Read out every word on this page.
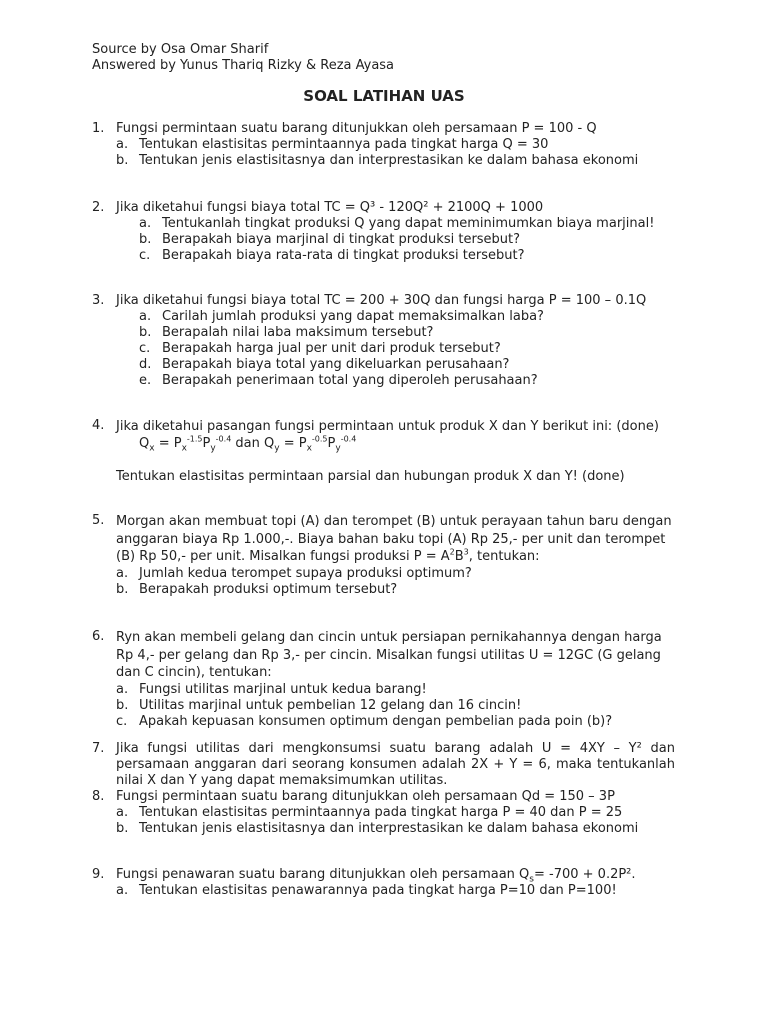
Source by Osa Omar Sharif
Answered by Yunus Thariq Rizky & Reza Ayasa
SOAL LATIHAN UAS
1. Fungsi permintaan suatu barang ditunjukkan oleh persamaan P = 100 - Q
a. Tentukan elastisitas permintaannya pada tingkat harga Q = 30
b. Tentukan jenis elastisitasnya dan interprestasikan ke dalam bahasa ekonomi
2. Jika diketahui fungsi biaya total TC = Q³ - 120Q² + 2100Q + 1000
a. Tentukanlah tingkat produksi Q yang dapat meminimumkan biaya marjinal!
b. Berapakah biaya marjinal di tingkat produksi tersebut?
c. Berapakah biaya rata-rata di tingkat produksi tersebut?
3. Jika diketahui fungsi biaya total TC = 200 + 30Q dan fungsi harga P = 100 – 0.1Q
a. Carilah jumlah produksi yang dapat memaksimalkan laba?
b. Berapalah nilai laba maksimum tersebut?
c. Berapakah harga jual per unit dari produk tersebut?
d. Berapakah biaya total yang dikeluarkan perusahaan?
e. Berapakah penerimaan total yang diperoleh perusahaan?
4. Jika diketahui pasangan fungsi permintaan untuk produk X dan Y berikut ini: (done)
$Q_x = P_x^{-1.5}P_y^{-0.4}$ dan $Q_y = P_x^{-0.5}P_y^{-0.4}$
Tentukan elastisitas permintaan parsial dan hubungan produk X dan Y! (done)
5. Morgan akan membuat topi (A) dan terompet (B) untuk perayaan tahun baru dengan anggaran biaya Rp 1.000,-. Biaya bahan baku topi (A) Rp 25,- per unit dan terompet (B) Rp 50,- per unit. Misalkan fungsi produksi $P = A^2B^3$, tentukan:
a. Jumlah kedua terompet supaya produksi optimum?
b. Berapakah produksi optimum tersebut?
6. Ryn akan membeli gelang dan cincin untuk persiapan pernikahannya dengan harga Rp 4,- per gelang dan Rp 3,- per cincin. Misalkan fungsi utilitas U = 12GC (G gelang dan C cincin), tentukan:
a. Fungsi utilitas marjinal untuk kedua barang!
b. Utilitas marjinal untuk pembelian 12 gelang dan 16 cincin!
c. Apakah kepuasan konsumen optimum dengan pembelian pada poin (b)?
7. Jika fungsi utilitas dari mengkonsumsi suatu barang adalah U = 4XY – Y² dan persamaan anggaran dari seorang konsumen adalah 2X + Y = 6, maka tentukanlah nilai X dan Y yang dapat memaksimumkan utilitas.
8. Fungsi permintaan suatu barang ditunjukkan oleh persamaan Qd = 150 – 3P
a. Tentukan elastisitas permintaannya pada tingkat harga P = 40 dan P = 25
b. Tentukan jenis elastisitasnya dan interprestasikan ke dalam bahasa ekonomi
9. Fungsi penawaran suatu barang ditunjukkan oleh persamaan $Q_s= -700 + 0.2P^2$.
a. Tentukan elastisitas penawarannya pada tingkat harga P=10 dan P=100!
